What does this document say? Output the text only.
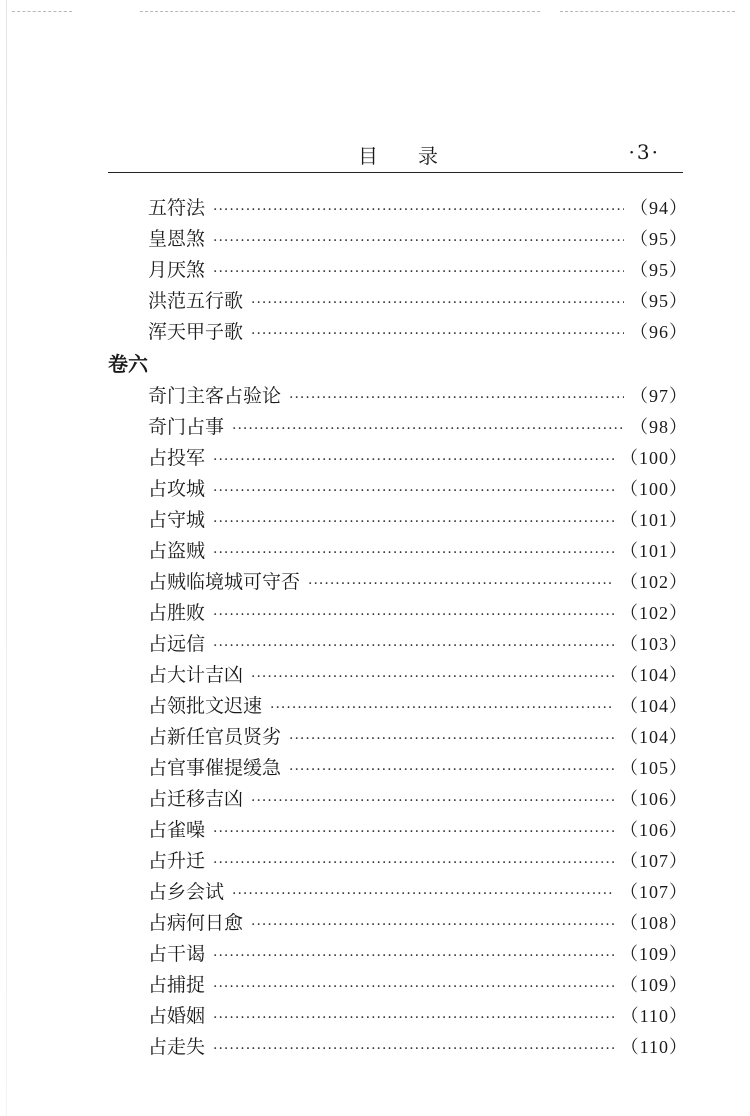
目录	·3·
五符法 ·····	（94）
皇恩煞 ·····	（95）
月厌煞 ·····	（95）
洪范五行歌 ·····	（95）
浑天甲子歌 ·····	（96）
卷六
奇门主客占验论 ·····	（97）
奇门占事 ·····	（98）
占投军 ·····	（100）
占攻城 ·····	（100）
占守城 ·····	（101）
占盗贼 ·····	（101）
占贼临境城可守否 ·····	（102）
占胜败 ·····	（102）
占远信 ·····	（103）
占大计吉凶 ·····	（104）
占领批文迟速 ·····	（104）
占新任官员贤劣 ·····	（104）
占官事催提缓急 ·····	（105）
占迁移吉凶 ·····	（106）
占雀噪 ·····	（106）
占升迁 ·····	（107）
占乡会试 ·····	（107）
占病何日愈 ·····	（108）
占干谒 ·····	（109）
占捕捉 ·····	（109）
占婚姻 ·····	（110）
占走失 ·····	（110）
